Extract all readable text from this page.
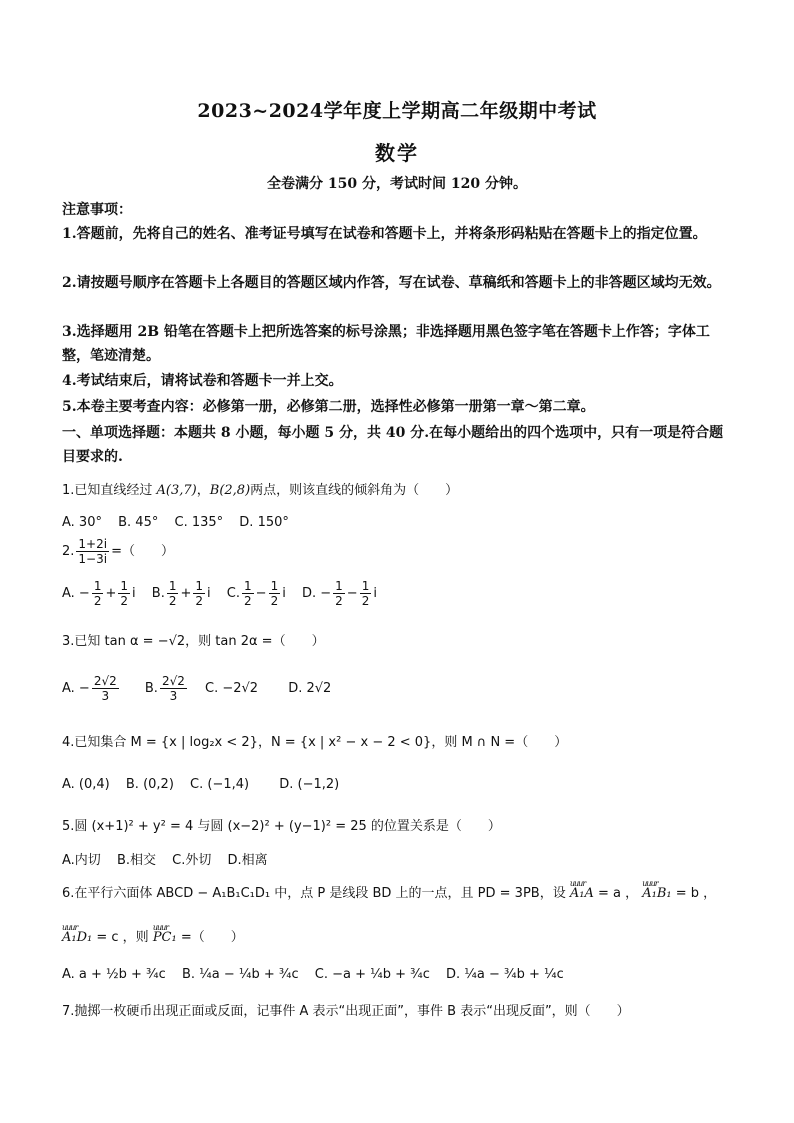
2023~2024学年度上学期高二年级期中考试
数学
全卷满分 150 分，考试时间 120 分钟。
注意事项：
1.答题前，先将自己的姓名、准考证号填写在试卷和答题卡上，并将条形码粘贴在答题卡上的指定位置。
2.请按题号顺序在答题卡上各题目的答题区域内作答，写在试卷、草稿纸和答题卡上的非答题区域均无效。
3.选择题用 2B 铅笔在答题卡上把所选答案的标号涂黑；非选择题用黑色签字笔在答题卡上作答；字体工整，笔迹清楚。
4.考试结束后，请将试卷和答题卡一并上交。
5.本卷主要考查内容：必修第一册，必修第二册，选择性必修第一册第一章～第二章。
一、单项选择题：本题共 8 小题，每小题 5 分，共 40 分.在每小题给出的四个选项中，只有一项是符合题目要求的.
1.已知直线经过 A(3,7)，B(2,8)两点，则该直线的倾斜角为（　　）
A. 30° B. 45° C. 135° D. 150°
2. $\frac{1+2i}{1-3i}$ =（　　）
A. − $\frac{1}{2} + \frac{1}{2}$ i B. $\frac{1}{2} + \frac{1}{2}$ i C. $\frac{1}{2} - \frac{1}{2}$ i D. − $\frac{1}{2} - \frac{1}{2}$ i
3.已知 tan α = −√2，则 tan 2α =（　　）
A. − $\frac{2√2}{3} B$. $\frac{2√2}{3} C$. −2√2 D. 2√2
4.已知集合 M = {x | log₂x < 2}，N = {x | x² − x − 2 < 0}，则 M ∩ N =（　　）
A. (0,4) B. (0,2) C. (−1,4) D. (−1,2)
5.圆 (x+1)² + y² = 4 与圆 (x−2)² + (y−1)² = 25 的位置关系是（　　）
A.内切 B.相交 C.外切 D.相离
6.在平行六面体 ABCD − A₁B₁C₁D₁ 中，点 P 是线段 BD 上的一点，且 PD = 3PB，设 uuur A₁A = a ， uuur A₁B₁ = b ，
uuur A₁D₁ = c ，则 uuur PC₁ =（　　）
A. a + ½b + ¾c B. ¼a − ¼b + ¾c C. −a + ¼b + ¾c D. ¼a − ¾b + ¼c
7.抛掷一枚硬币出现正面或反面，记事件 A 表示“出现正面”，事件 B 表示“出现反面”，则（　　）
